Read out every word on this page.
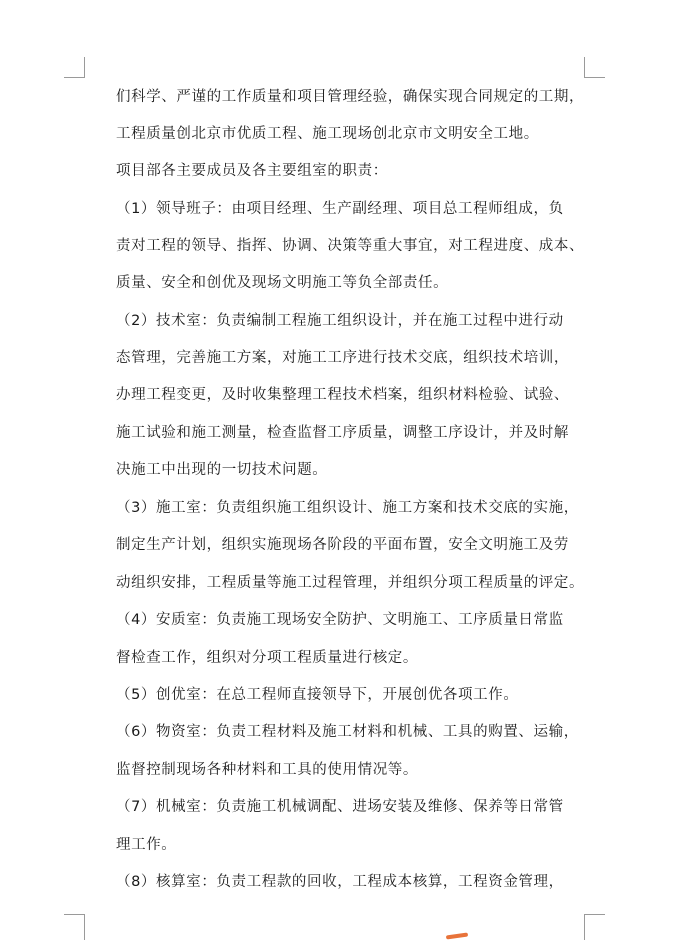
们科学、严谨的工作质量和项目管理经验，确保实现合同规定的工期，
工程质量创北京市优质工程、施工现场创北京市文明安全工地。
项目部各主要成员及各主要组室的职责：
（1）领导班子：由项目经理、生产副经理、项目总工程师组成，负
责对工程的领导、指挥、协调、决策等重大事宜，对工程进度、成本、
质量、安全和创优及现场文明施工等负全部责任。
（2）技术室：负责编制工程施工组织设计，并在施工过程中进行动
态管理，完善施工方案，对施工工序进行技术交底，组织技术培训，
办理工程变更，及时收集整理工程技术档案，组织材料检验、试验、
施工试验和施工测量，检查监督工序质量，调整工序设计，并及时解
决施工中出现的一切技术问题。
（3）施工室：负责组织施工组织设计、施工方案和技术交底的实施，
制定生产计划，组织实施现场各阶段的平面布置，安全文明施工及劳
动组织安排，工程质量等施工过程管理，并组织分项工程质量的评定。
（4）安质室：负责施工现场安全防护、文明施工、工序质量日常监
督检查工作，组织对分项工程质量进行核定。
（5）创优室：在总工程师直接领导下，开展创优各项工作。
（6）物资室：负责工程材料及施工材料和机械、工具的购置、运输，
监督控制现场各种材料和工具的使用情况等。
（7）机械室：负责施工机械调配、进场安装及维修、保养等日常管
理工作。
（8）核算室：负责工程款的回收，工程成本核算，工程资金管理，
